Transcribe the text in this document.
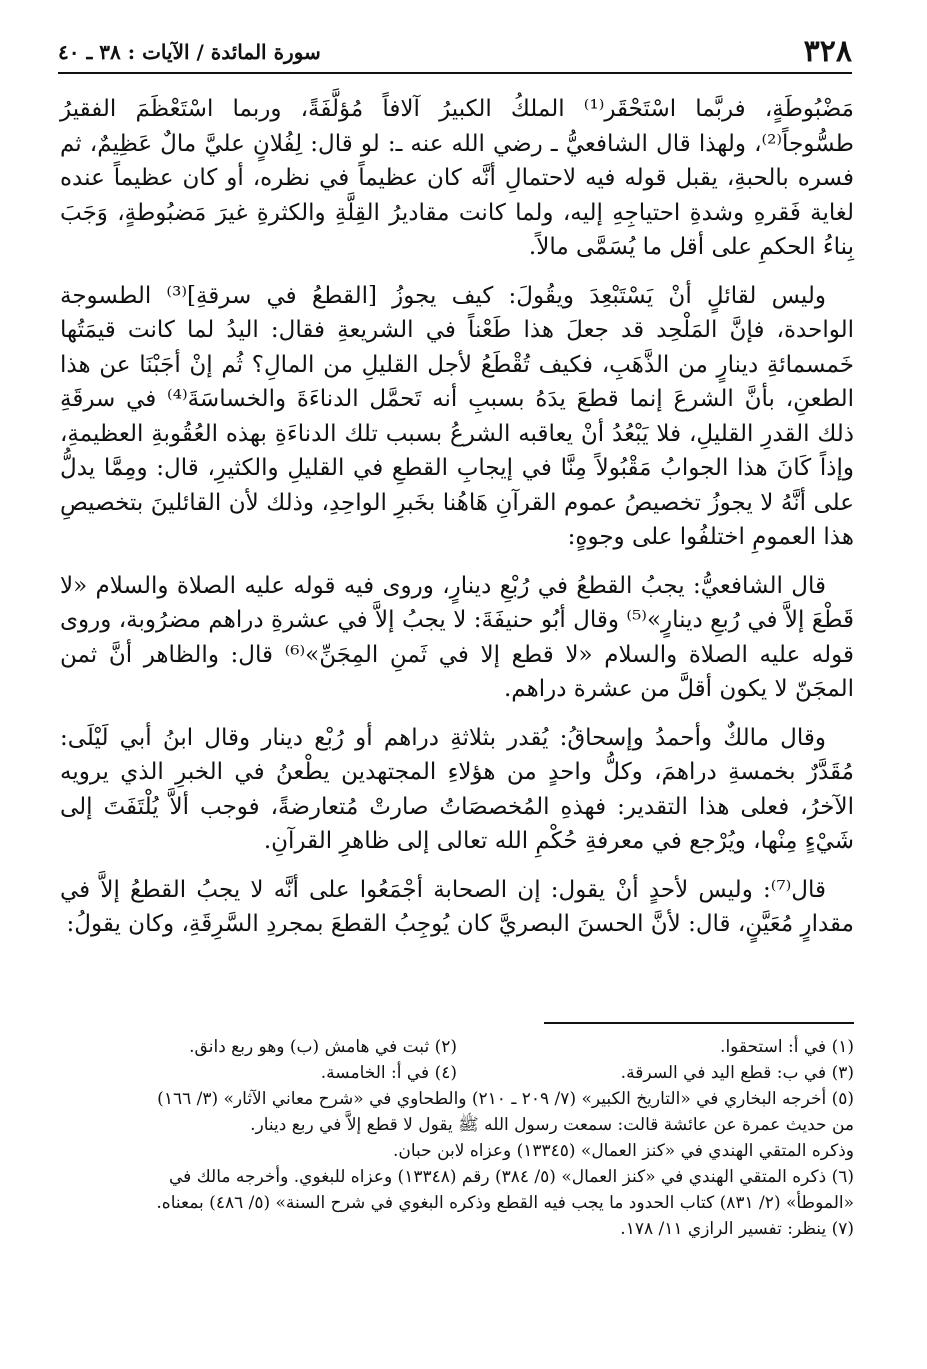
٣٢٨
سورة المائدة / الآيات : ٣٨ ـ ٤٠

مَضْبُوطَةٍ، فربَّما اسْتَحْقَر⁽¹⁾ الملكُ الكبيرُ آلافاً مُؤلَّفَةً، وربما اسْتَعْظَمَ الفقيرُ طسُّوجاً⁽²⁾، ولهذا قال الشافعيُّ ـ رضي الله عنه ـ: لو قال: لِفُلانٍ عليَّ مالٌ عَظِيمٌ، ثم فسره بالحبةِ، يقبل قوله فيه لاحتمالِ أنَّه كان عظيماً في نظره، أو كان عظيماً عنده لغاية فَقرهِ وشدةِ احتياجِهِ إليه، ولما كانت مقاديرُ القِلَّةِ والكثرةِ غيرَ مَضبُوطةٍ، وَجَبَ بِناءُ الحكمِ على أقل ما يُسَمَّى مالاً.

وليس لقائلٍ أنْ يَسْتَبْعِدَ ويقُولَ: كيف يجوزُ [القطعُ في سرقةِ]⁽³⁾ الطسوجة الواحدة، فإنَّ المَلْحِد قد جعلَ هذا طَعْناً في الشريعةِ فقال: اليدُ لما كانت قيمَتُها خَمسمائةِ دينارٍ من الذَّهَبِ، فكيف تُقْطَعُ لأجل القليلِ من المالِ؟ ثُم إنْ أجَبْنَا عن هذا الطعنِ، بأنَّ الشرعَ إنما قطعَ يدَهُ بسببِ أنه تَحمَّل الدناءَةَ والخساسَةَ⁽⁴⁾ في سرقَةِ ذلك القدرِ القليلِ، فلا يَبْعُدُ أنْ يعاقبه الشرعُ بسبب تلك الدناءَةِ بهذه العُقُوبةِ العظيمةِ، وإذاً كَانَ هذا الجوابُ مَقْبُولاً مِنَّا في إيجابِ القطعِ في القليلِ والكثيرِ، قال: ومِمَّا يدلُّ على أنَّهُ لا يجوزُ تخصيصُ عموم القرآنِ هَاهُنا بخَبرِ الواحِدِ، وذلك لأن القائلينَ بتخصيصِ هذا العمومِ اختلفُوا على وجوهٍ:

قال الشافعيُّ: يجبُ القطعُ في رُبْعِ دينارٍ، وروى فيه قوله عليه الصلاة والسلام «لا قَطْعَ إلاَّ في رُبعِ دينارٍ»⁽⁵⁾ وقال أبُو حنيفَةَ: لا يجبُ إلاَّ في عشرةِ دراهم مضرُوبة، وروى قوله عليه الصلاة والسلام «لا قطع إلا في ثَمنِ المِجَنِّ»⁽⁶⁾ قال: والظاهر أنَّ ثمن المجَنّ لا يكون أقلَّ من عشرة دراهم.

وقال مالكٌ وأحمدُ وإسحاقُ: يُقدر بثلاثةِ دراهم أو رُبْع دينار وقال ابنُ أبي لَيْلَى: مُقَدَّرٌ بخمسةِ دراهمَ، وكلُّ واحدٍ من هؤلاءِ المجتهدين يطْعنُ في الخبرِ الذي يرويه الآخرُ، فعلى هذا التقدير: فهذهِ المُخصصَاتُ صارتْ مُتعارضةً، فوجب ألاَّ يُلْتَفَتَ إلى شَيْءٍ مِنْها، ويُرْجع في معرفةِ حُكْمِ الله تعالى إلى ظاهرِ القرآنِ.

قال⁽⁷⁾: وليس لأحدٍ أنْ يقول: إن الصحابة أجْمَعُوا على أنَّه لا يجبُ القطعُ إلاَّ في مقدارٍ مُعَيَّنٍ، قال: لأنَّ الحسنَ البصريَّ كان يُوجِبُ القطعَ بمجردِ السَّرِقَةِ، وكان يقولُ:

(١) في أ: استحقوا.
(٢) ثبت في هامش (ب) وهو ربع دانق.
(٣) في ب: قطع اليد في السرقة.
(٤) في أ: الخامسة.
(٥) أخرجه البخاري في «التاريخ الكبير» (٧/ ٢٠٩ ـ ٢١٠) والطحاوي في «شرح معاني الآثار» (٣/ ١٦٦)
من حديث عمرة عن عائشة قالت: سمعت رسول الله ﷺ يقول لا قطع إلاَّ في ربع دينار.
وذكره المتقي الهندي في «كنز العمال» (١٣٣٤٥) وعزاه لابن حبان.
(٦) ذكره المتقي الهندي في «كنز العمال» (٥/ ٣٨٤) رقم (١٣٣٤٨) وعزاه للبغوي. وأخرجه مالك في
«الموطأ» (٢/ ٨٣١) كتاب الحدود ما يجب فيه القطع وذكره البغوي في شرح السنة» (٥/ ٤٨٦) بمعناه.
(٧) ينظر: تفسير الرازي ١١/ ١٧٨.
